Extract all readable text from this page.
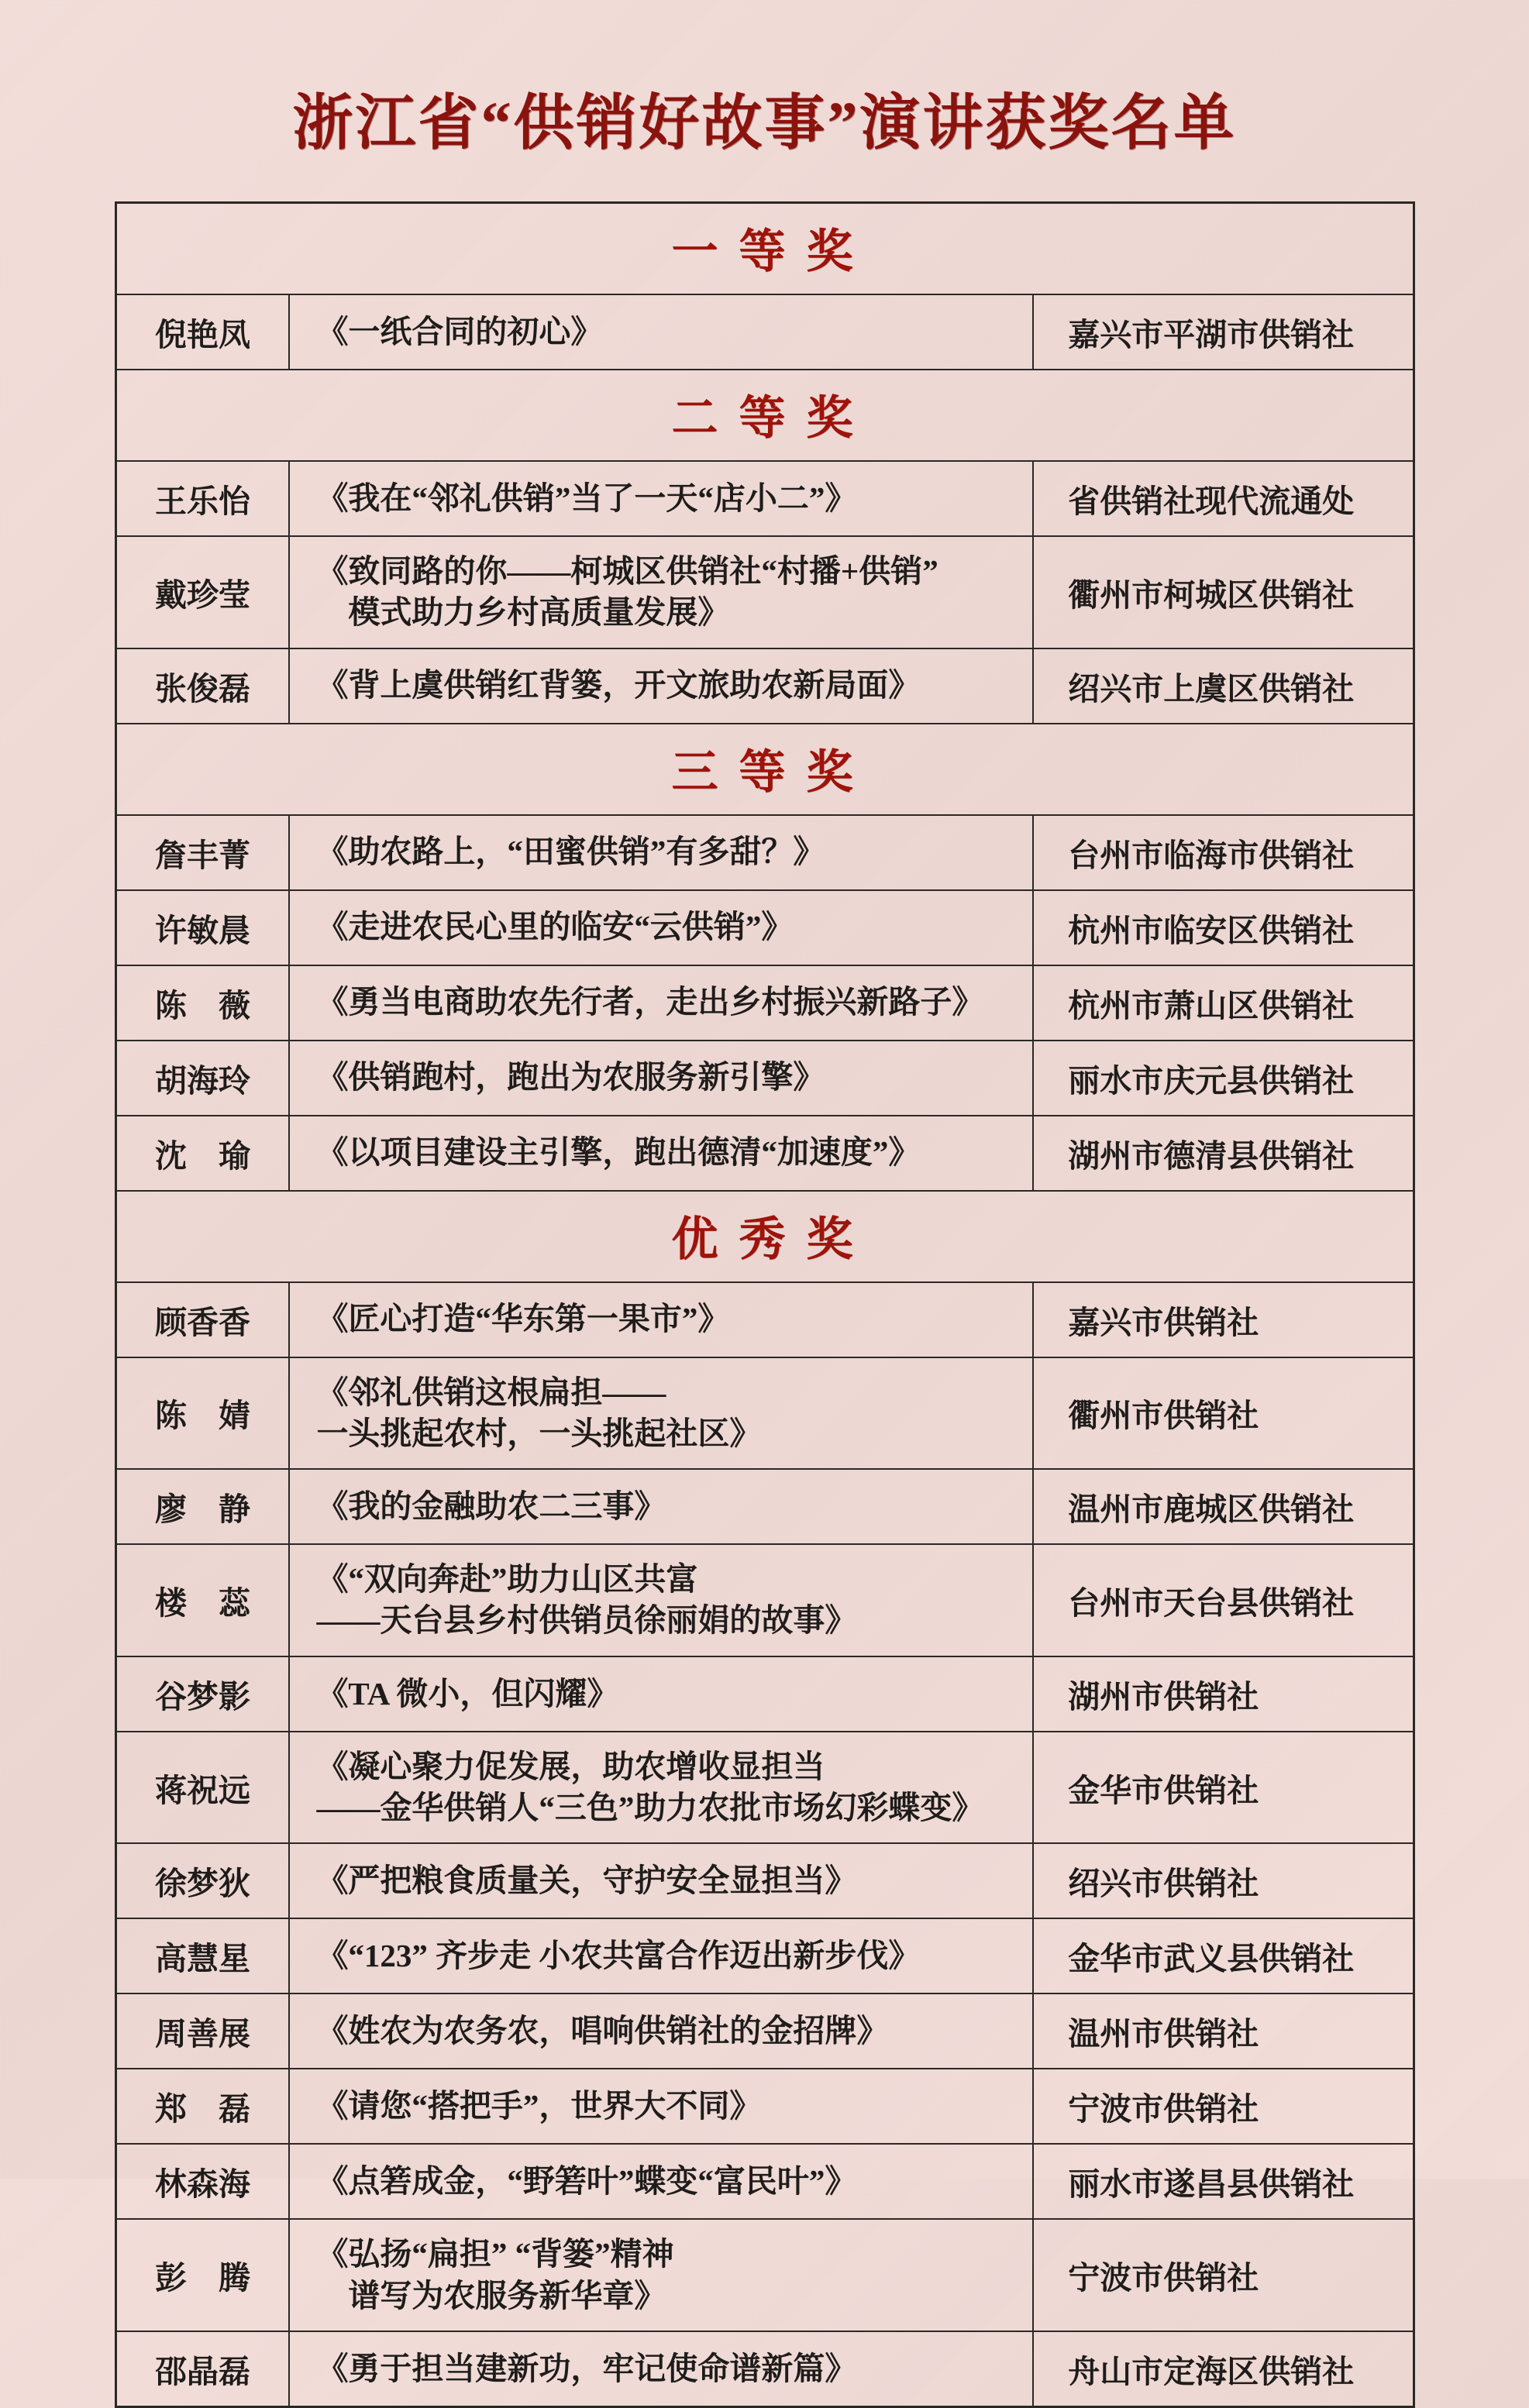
浙江省“供销好故事”演讲获奖名单
一 等 奖		
倪艳凤	《一纸合同的初心》	嘉兴市平湖市供销社
二 等 奖		
王乐怡	《我在“邻礼供销”当了一天“店小二”》	省供销社现代流通处
戴珍莹	《致同路的你——柯城区供销社“村播+供销”
　模式助力乡村高质量发展》	衢州市柯城区供销社
张俊磊	《背上虞供销红背篓，开文旅助农新局面》	绍兴市上虞区供销社
三 等 奖		
詹丰菁	《助农路上，“田蜜供销”有多甜？》	台州市临海市供销社
许敏晨	《走进农民心里的临安“云供销”》	杭州市临安区供销社
陈　薇	《勇当电商助农先行者，走出乡村振兴新路子》	杭州市萧山区供销社
胡海玲	《供销跑村，跑出为农服务新引擎》	丽水市庆元县供销社
沈　瑜	《以项目建设主引擎，跑出德清“加速度”》	湖州市德清县供销社
优 秀 奖		
顾香香	《匠心打造“华东第一果市”》	嘉兴市供销社
陈　婧	《邻礼供销这根扁担——
一头挑起农村，一头挑起社区》	衢州市供销社
廖　静	《我的金融助农二三事》	温州市鹿城区供销社
楼　蕊	《“双向奔赴”助力山区共富
——天台县乡村供销员徐丽娟的故事》	台州市天台县供销社
谷梦影	《TA 微小，但闪耀》	湖州市供销社
蒋祝远	《凝心聚力促发展，助农增收显担当
——金华供销人“三色”助力农批市场幻彩蝶变》	金华市供销社
徐梦狄	《严把粮食质量关，守护安全显担当》	绍兴市供销社
高慧星	《“123” 齐步走 小农共富合作迈出新步伐》	金华市武义县供销社
周善展	《姓农为农务农，唱响供销社的金招牌》	温州市供销社
郑　磊	《请您“搭把手”，世界大不同》	宁波市供销社
林森海	《点箬成金，“野箬叶”蝶变“富民叶”》	丽水市遂昌县供销社
彭　腾	《弘扬“扁担” “背篓”精神
　谱写为农服务新华章》	宁波市供销社
邵晶磊	《勇于担当建新功，牢记使命谱新篇》	舟山市定海区供销社
